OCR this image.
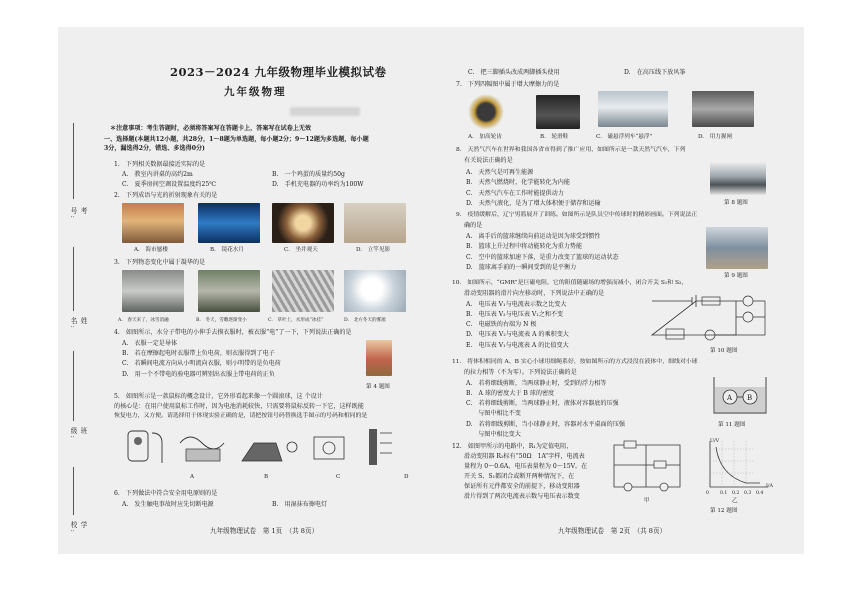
考号:
姓名:
班级:
学校:
2023－2024 九年级物理毕业模拟试卷
九年级物理
＊注意事项：考生答题时，必须将答案写在答题卡上，答案写在试卷上无效
一、选择题(本题共12小题，共28分，1～8题为单选题，每小题2分；9～12题为多选题，每小题
3分，漏选得2分，错选、多选得0分)
1.　下列相关数据最接近实际的是
A.　教室内讲桌的高约2m	B.　一个鸡蛋的质量约50g
C.　夏季房间空调设置温度约25℃	D.　手机充电器的功率约为100W
2.　下列成语与光的折射现象有关的是
A.　海市蜃楼	B.　镜花水月	C.　坐井观天	D.　立竿见影
3.　下列物态变化中属于凝华的是
A.　春天来了，冰雪消融	B.　冬天，雪雕逐渐变小	C.　草叶上，水形成“冰挂”	D.　北方冬天的雾凇
4.　如图所示，水分子带电的小伸手去摸衣服时，被衣服“电”了一下，下列说法正确的是
A.　衣服一定是导体
B.　若在摩擦起电时衣服带上负电荷，则衣服得到了电子
C.　若瞬间电流方向从小明流向衣服，则小明带的是负电荷
D.　用一个不带电的验电器可辨别出衣服上带电荷的正负
第 4 题图
5.　如图所示是一款鼠标的概念设计，它外形看起来像一个圆滚球，这 个设计
的核心是：在用户使用鼠标工作时，因为电池消耗较快，只需要将鼠标反转一下它，这样既能
恢复电力，又方便。请选择用于体现实验正确的是，请把按钮号码替换选手图示的号码和相同的是
A	B	C	D
6.　下列做法中符合安全用电原则的是
A.　发生触电事故时应先切断电源	B.　用湿抹布擦电灯
九年级物理试卷　第 1页　（共 8页）
C.　把三脚插头改成两脚插头使用	D.　在高压线下放风筝
7.　下列四幅图中属于增大摩擦力的是
A.　加高轮齿	B.　轮滑鞋	C.　磁悬浮列车“悬浮”	D.　用力握闸
8.　天然气汽车在世界和我国各省市得到了推广应用，如图所示是一款天然气汽车，下列
有关说法正确的是
A.　天然气是可再生能源
B.　天然气燃烧时，化学能转化为内能
C.　天然气汽车在工作时能提供动力
D.　天然气液化，是为了增大体积便于储存和运输	第 8 题图
9.　疫情缓解后，辽宁男篮展开了训练。如图所示是队员空中传球时的精彩画面。下列说法正
确的是
A.　离手后的篮球继续向前运动是因为球受到惯性
B.　篮球上升过程中将动能转化为重力势能
C.　空中的篮球加速下落，是重力改变了篮球的运动状态
D.　篮球离手前的一瞬间受到的是平衡力
第 9 题图
10.　如图所示，“GMR”是巨磁电阻，它的阻值随磁场的增强而减小，闭合开关 S₁和 S₂，
滑动变阻器的滑片向左移动时，下列说法中正确的是
A.　电压表 V₁与电流表示数之比变大
B.　电压表 V₂与电压表 V₁之和不变
C.　电磁铁的右端为 N 极
D.　电压表 V₂与电流表 A 的乘积变大
E.　电压表 V₁与电流表 A 的比值变大
第 10 题图
11.　将体积相同的 A、B 实心小球用细绳系好，按如图所示的方式浸没在液体中，细线对小球
的拉力相等（不为零）。下列说法正确的是
A.　若将细线剪断，当两球静止时，受到的浮力相等
B.　A 球的密度大于 B 球的密度
C.　若将细线剪断，当两球静止时，液体对容器底的压强
　　与图中相比不变
D.　若将细线剪断，当小球静止时，容器对水平桌面的压强
　　与图中相比变大
A B
第 11 题图
12.　如图甲所示的电路中，R₁为定值电阻，
滑动变阻器 R₂标有“50Ω　1A”字样，电流表
量程为 0～0.6A，电压表量程为 0～15V。在
开关 S、S₁都闭合或断开两种情况下，在
保证所有元件都安全的前提下，移动变阻器
滑片得到了两次电流表示数与电压表示数变
U/V
I/A
0 0.1 0.2 0.3 0.4
甲	乙
第 12 题图
九年级物理试卷　第 2页　（共 8页）
